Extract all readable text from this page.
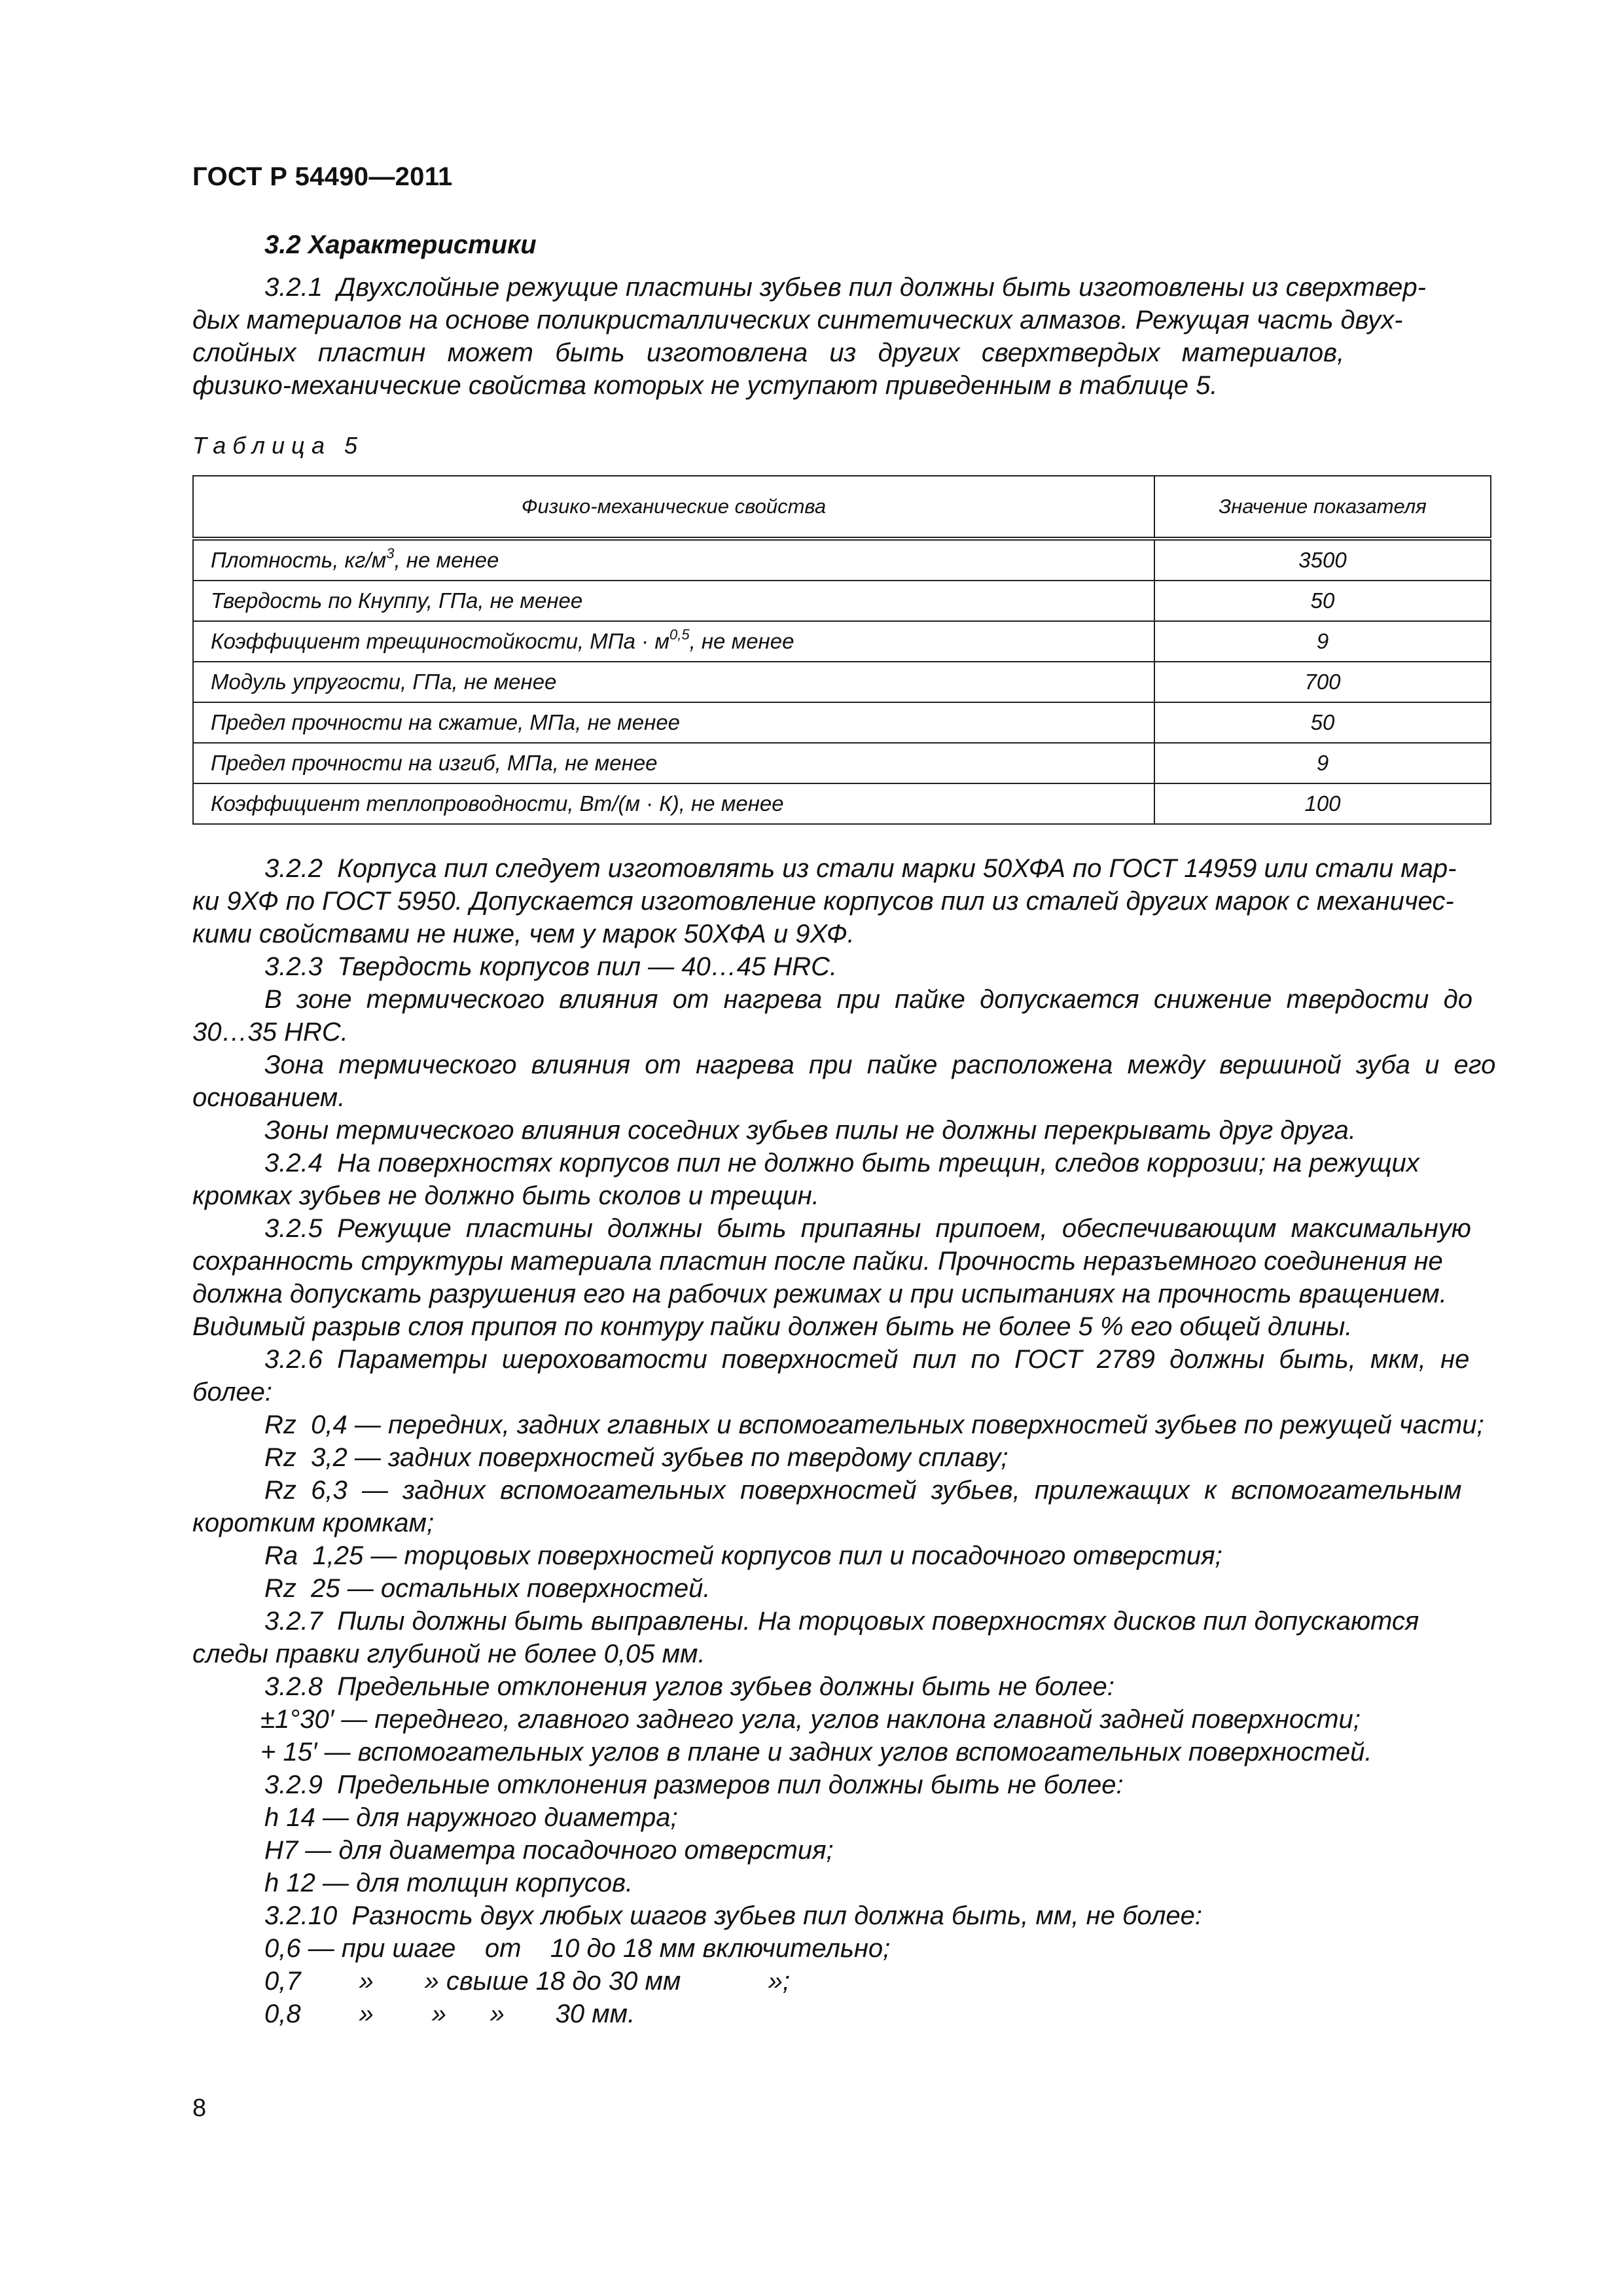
ГОСТ Р 54490—2011
3.2 Характеристики
3.2.1  Двухслойные режущие пластины зубьев пил должны быть изготовлены из сверхтвер-
дых материалов на основе поликристаллических синтетических алмазов. Режущая часть двух-
слойных   пластин   может   быть   изготовлена   из   других   сверхтвердых   материалов,
физико-механические свойства которых не уступают приведенным в таблице 5.
Таблица 5
Физико-механические свойства	Значение показателя
Плотность, $кг/м^3$, не менее	3500
Твердость по Кнуппу, ГПа, не менее	50
Коэффициент трещиностойкости, МПа · $м^{0,5}$, не менее	9
Модуль упругости, ГПа, не менее	700
Предел прочности на сжатие, МПа, не менее	50
Предел прочности на изгиб, МПа, не менее	9
Коэффициент теплопроводности, Вт/(м · К), не менее	100
3.2.2  Корпуса пил следует изготовлять из стали марки 50ХФА по ГОСТ 14959 или стали мар-
ки 9ХФ по ГОСТ 5950. Допускается изготовление корпусов пил из сталей других марок с механичес-
кими свойствами не ниже, чем у марок 50ХФА и 9ХФ.
3.2.3  Твердость корпусов пил — 40…45 HRC.
В  зоне  термического  влияния  от  нагрева  при  пайке  допускается  снижение  твердости  до
30…35 HRC.
Зона  термического  влияния  от  нагрева  при  пайке  расположена  между  вершиной  зуба  и  его
основанием.
Зоны термического влияния соседних зубьев пилы не должны перекрывать друг друга.
3.2.4  На поверхностях корпусов пил не должно быть трещин, следов коррозии; на режущих
кромках зубьев не должно быть сколов и трещин.
3.2.5  Режущие  пластины  должны  быть  припаяны  припоем,  обеспечивающим  максимальную
сохранность структуры материала пластин после пайки. Прочность неразъемного соединения не
должна допускать разрушения его на рабочих режимах и при испытаниях на прочность вращением.
Видимый разрыв слоя припоя по контуру пайки должен быть не более 5 % его общей длины.
3.2.6  Параметры  шероховатости  поверхностей  пил  по  ГОСТ  2789  должны  быть,  мкм,  не
более:
Rz  0,4 — передних, задних главных и вспомогательных поверхностей зубьев по режущей части;
Rz  3,2 — задних поверхностей зубьев по твердому сплаву;
Rz  6,3  —  задних  вспомогательных  поверхностей  зубьев,  прилежащих  к  вспомогательным
коротким кромкам;
Ra  1,25 — торцовых поверхностей корпусов пил и посадочного отверстия;
Rz  25 — остальных поверхностей.
3.2.7  Пилы должны быть выправлены. На торцовых поверхностях дисков пил допускаются
следы правки глубиной не более 0,05 мм.
3.2.8  Предельные отклонения углов зубьев должны быть не более:
±1°30′ — переднего, главного заднего угла, углов наклона главной задней поверхности;
+ 15′ — вспомогательных углов в плане и задних углов вспомогательных поверхностей.
3.2.9  Предельные отклонения размеров пил должны быть не более:
h 14 — для наружного диаметра;
H7 — для диаметра посадочного отверстия;
h 12 — для толщин корпусов.
3.2.10  Разность двух любых шагов зубьев пил должна быть, мм, не более:
0,6 — при шаге    от    10 до 18 мм включительно;
0,7        »       » свыше 18 до 30 мм            »;
0,8        »        »      »       30 мм.
8
